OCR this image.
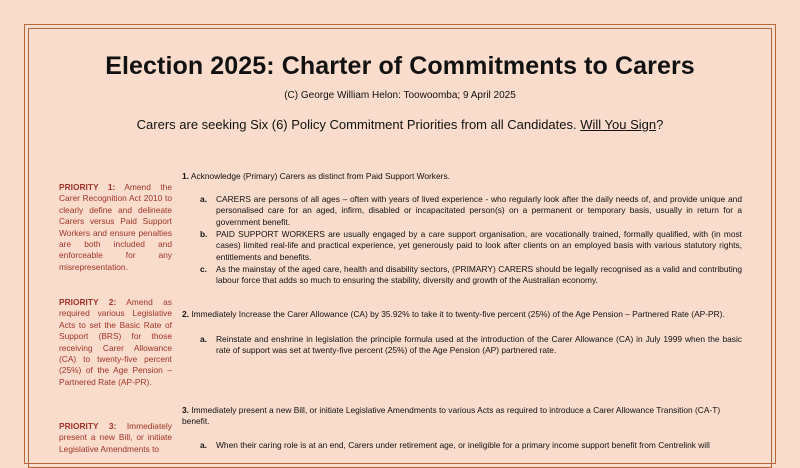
Election 2025: Charter of Commitments to Carers
(C) George William Helon: Toowoomba; 9 April 2025
Carers are seeking Six (6) Policy Commitment Priorities from all Candidates. Will You Sign?
PRIORITY 1: Amend the Carer Recognition Act 2010 to clearly define and delineate Carers versus Paid Support Workers and ensure penalties are both included and enforceable for any misrepresentation.
PRIORITY 2: Amend as required various Legislative Acts to set the Basic Rate of Support (BRS) for those receiving Carer Allowance (CA) to twenty-five percent (25%) of the Age Pension – Partnered Rate (AP-PR).
PRIORITY 3: Immediately present a new Bill, or initiate Legislative Amendments to
1. Acknowledge (Primary) Carers as distinct from Paid Support Workers.
a. CARERS are persons of all ages – often with years of lived experience - who regularly look after the daily needs of, and provide unique and personalised care for an aged, infirm, disabled or incapacitated person(s) on a permanent or temporary basis, usually in return for a government benefit.
b. PAID SUPPORT WORKERS are usually engaged by a care support organisation, are vocationally trained, formally qualified, with (in most cases) limited real-life and practical experience, yet generously paid to look after clients on an employed basis with various statutory rights, entitlements and benefits.
c. As the mainstay of the aged care, health and disability sectors, (PRIMARY) CARERS should be legally recognised as a valid and contributing labour force that adds so much to ensuring the stability, diversity and growth of the Australian economy.
2. Immediately Increase the Carer Allowance (CA) by 35.92% to take it to twenty-five percent (25%) of the Age Pension – Partnered Rate (AP-PR).
a. Reinstate and enshrine in legislation the principle formula used at the introduction of the Carer Allowance (CA) in July 1999 when the basic rate of support was set at twenty-five percent (25%) of the Age Pension (AP) partnered rate.
3. Immediately present a new Bill, or initiate Legislative Amendments to various Acts as required to introduce a Carer Allowance Transition (CA-T) benefit.
a. When their caring role is at an end, Carers under retirement age, or ineligible for a primary income support benefit from Centrelink will
